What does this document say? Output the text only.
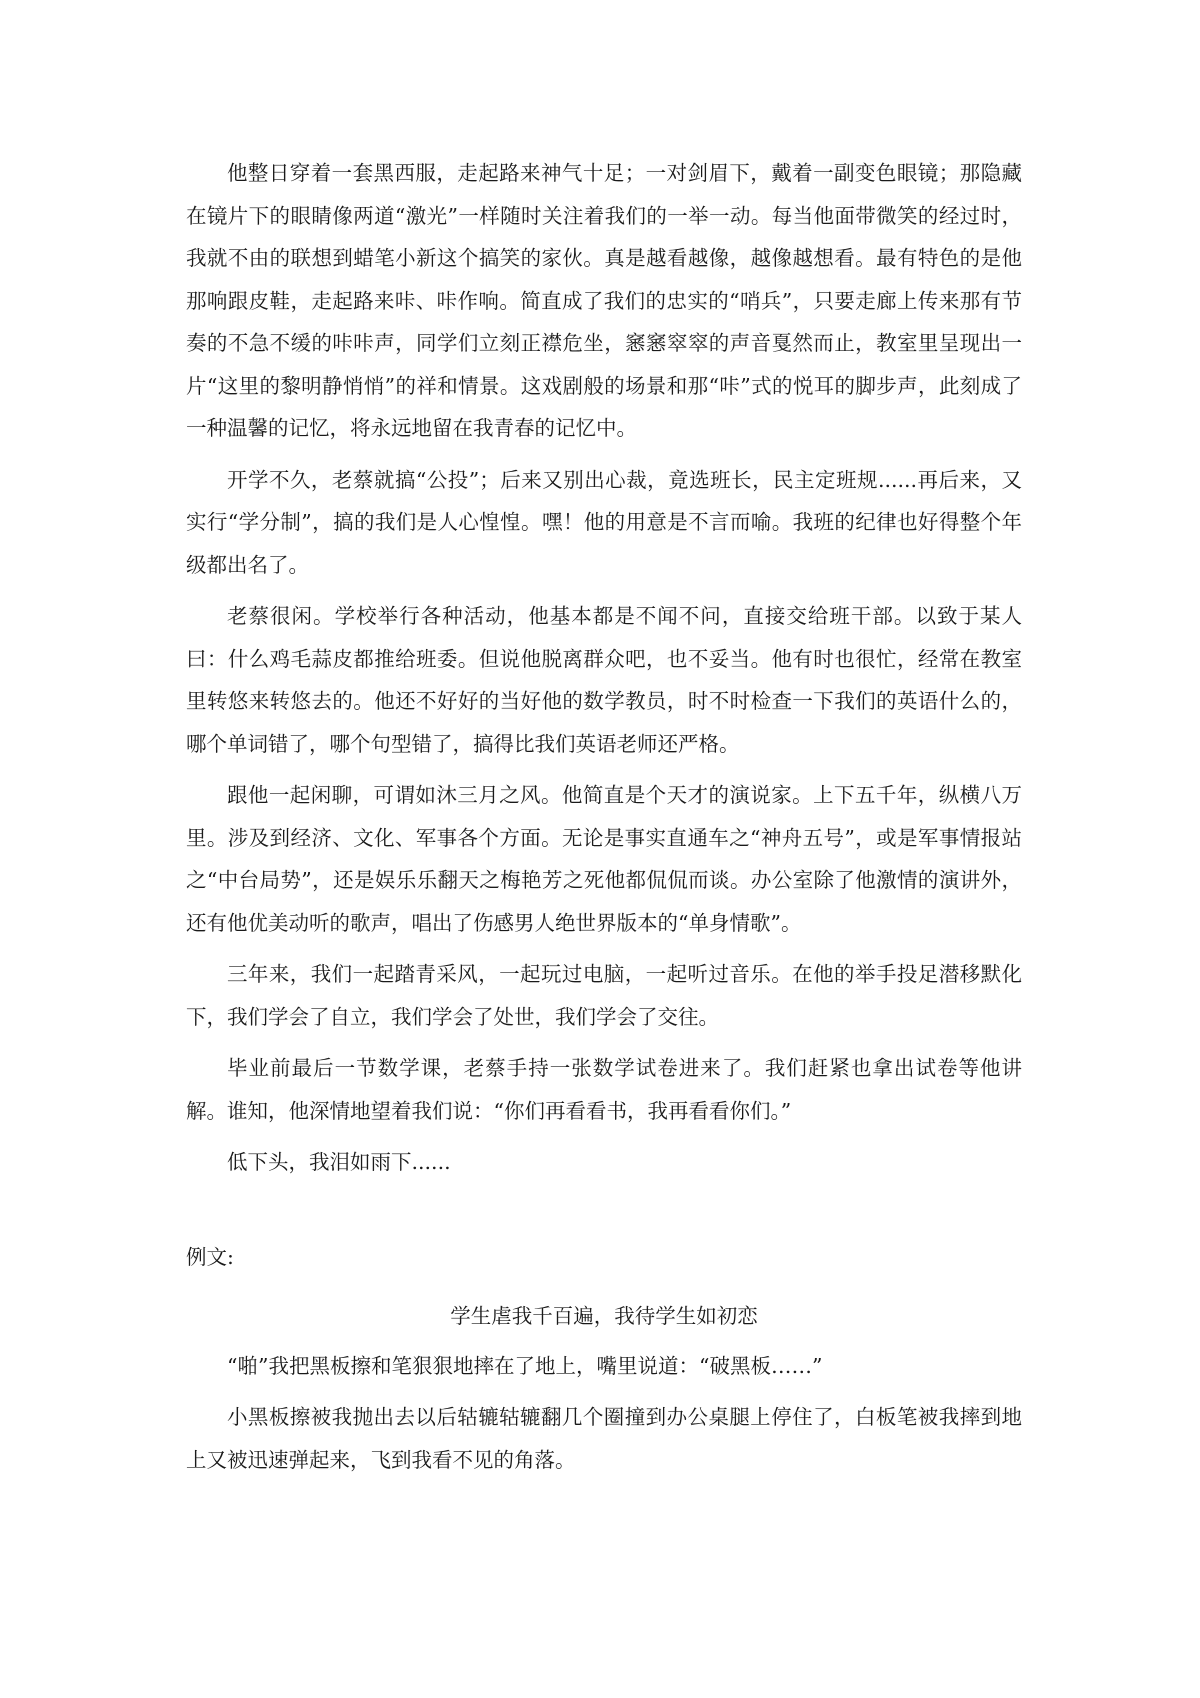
他整日穿着一套黑西服，走起路来神气十足；一对剑眉下，戴着一副变色眼镜；那隐藏在镜片下的眼睛像两道“激光”一样随时关注着我们的一举一动。每当他面带微笑的经过时，我就不由的联想到蜡笔小新这个搞笑的家伙。真是越看越像，越像越想看。最有特色的是他那响跟皮鞋，走起路来咔、咔作响。简直成了我们的忠实的“哨兵”，只要走廊上传来那有节奏的不急不缓的咔咔声，同学们立刻正襟危坐，窸窸窣窣的声音戛然而止，教室里呈现出一片“这里的黎明静悄悄”的祥和情景。这戏剧般的场景和那“咔”式的悦耳的脚步声，此刻成了一种温馨的记忆，将永远地留在我青春的记忆中。

开学不久，老蔡就搞“公投”；后来又别出心裁，竟选班长，民主定班规......再后来，又实行“学分制”，搞的我们是人心惶惶。嘿！他的用意是不言而喻。我班的纪律也好得整个年级都出名了。

老蔡很闲。学校举行各种活动，他基本都是不闻不问，直接交给班干部。以致于某人曰：什么鸡毛蒜皮都推给班委。但说他脱离群众吧，也不妥当。他有时也很忙，经常在教室里转悠来转悠去的。他还不好好的当好他的数学教员，时不时检查一下我们的英语什么的，哪个单词错了，哪个句型错了，搞得比我们英语老师还严格。

跟他一起闲聊，可谓如沐三月之风。他简直是个天才的演说家。上下五千年，纵横八万里。涉及到经济、文化、军事各个方面。无论是事实直通车之“神舟五号”，或是军事情报站之“中台局势”，还是娱乐乐翻天之梅艳芳之死他都侃侃而谈。办公室除了他激情的演讲外，还有他优美动听的歌声，唱出了伤感男人绝世界版本的“单身情歌”。

三年来，我们一起踏青采风，一起玩过电脑，一起听过音乐。在他的举手投足潜移默化下，我们学会了自立，我们学会了处世，我们学会了交往。

毕业前最后一节数学课，老蔡手持一张数学试卷进来了。我们赶紧也拿出试卷等他讲解。谁知，他深情地望着我们说：“你们再看看书，我再看看你们。”

低下头，我泪如雨下......

例文:
学生虐我千百遍，我待学生如初恋

“啪”我把黑板擦和笔狠狠地摔在了地上，嘴里说道：“破黑板……”

小黑板擦被我抛出去以后轱辘轱辘翻几个圈撞到办公桌腿上停住了，白板笔被我摔到地上又被迅速弹起来，飞到我看不见的角落。
